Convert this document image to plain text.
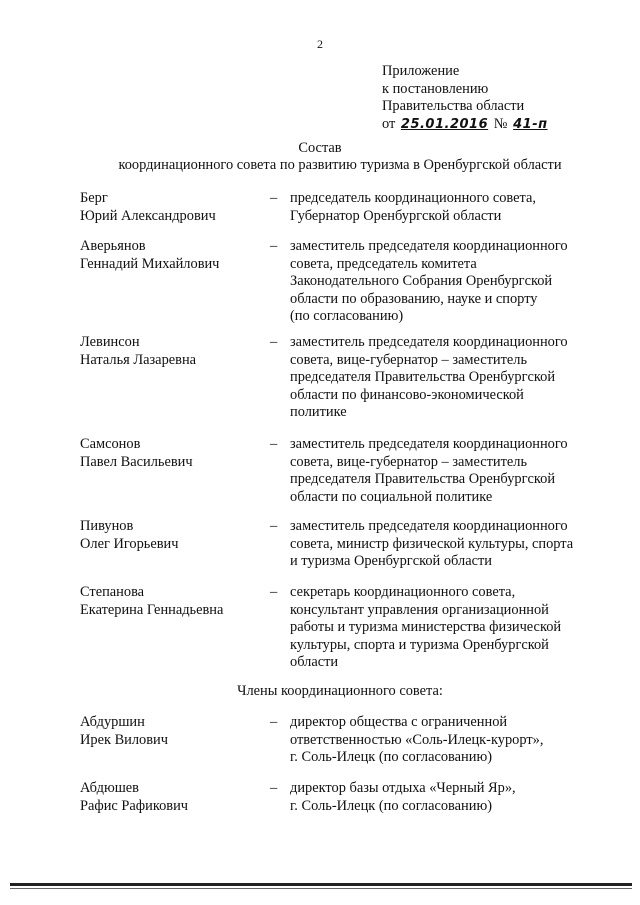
2
Приложение
к постановлению
Правительства области
от 25.01.2016 № 41-п
Состав
координационного совета по развитию туризма в Оренбургской области
Берг
Юрий Александрович
– председатель координационного совета,
Губернатор Оренбургской области
Аверьянов
Геннадий Михайлович
– заместитель председателя координационного
совета, председатель комитета
Законодательного Собрания Оренбургской
области по образованию, науке и спорту
(по согласованию)
Левинсон
Наталья Лазаревна
– заместитель председателя координационного
совета, вице-губернатор – заместитель
председателя Правительства Оренбургской
области по финансово-экономической
политике
Самсонов
Павел Васильевич
– заместитель председателя координационного
совета, вице-губернатор – заместитель
председателя Правительства Оренбургской
области по социальной политике
Пивунов
Олег Игорьевич
– заместитель председателя координационного
совета, министр физической культуры, спорта
и туризма Оренбургской области
Степанова
Екатерина Геннадьевна
– секретарь координационного совета,
консультант управления организационной
работы и туризма министерства физической
культуры, спорта и туризма Оренбургской
области
Члены координационного совета:
Абдуршин
Ирек Вилович
– директор общества с ограниченной
ответственностью «Соль-Илецк-курорт»,
г. Соль-Илецк (по согласованию)
Абдюшев
Рафис Рафикович
– директор базы отдыха «Черный Яр»,
г. Соль-Илецк (по согласованию)
